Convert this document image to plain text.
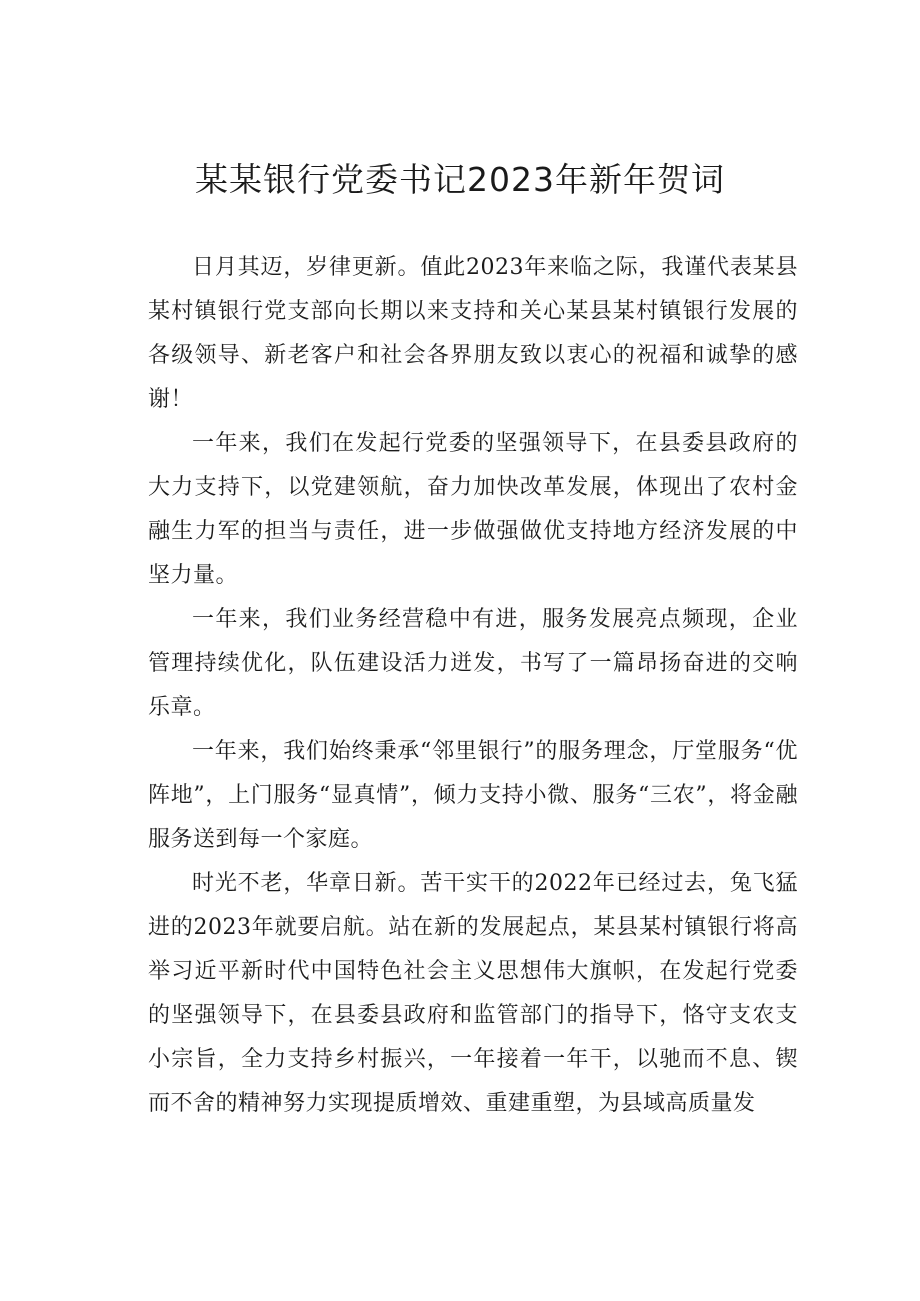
某某银行党委书记2023年新年贺词

日月其迈，岁律更新。值此2023年来临之际，我谨代表某县某村镇银行党支部向长期以来支持和关心某县某村镇银行发展的各级领导、新老客户和社会各界朋友致以衷心的祝福和诚挚的感谢！

一年来，我们在发起行党委的坚强领导下，在县委县政府的大力支持下，以党建领航，奋力加快改革发展，体现出了农村金融生力军的担当与责任，进一步做强做优支持地方经济发展的中坚力量。

一年来，我们业务经营稳中有进，服务发展亮点频现，企业管理持续优化，队伍建设活力迸发，书写了一篇昂扬奋进的交响乐章。

一年来，我们始终秉承“邻里银行”的服务理念，厅堂服务“优阵地”，上门服务“显真情”，倾力支持小微、服务“三农”，将金融服务送到每一个家庭。

时光不老，华章日新。苦干实干的2022年已经过去，兔飞猛进的2023年就要启航。站在新的发展起点，某县某村镇银行将高举习近平新时代中国特色社会主义思想伟大旗帜，在发起行党委的坚强领导下，在县委县政府和监管部门的指导下，恪守支农支小宗旨，全力支持乡村振兴，一年接着一年干，以驰而不息、锲而不舍的精神努力实现提质增效、重建重塑，为县域高质量发
